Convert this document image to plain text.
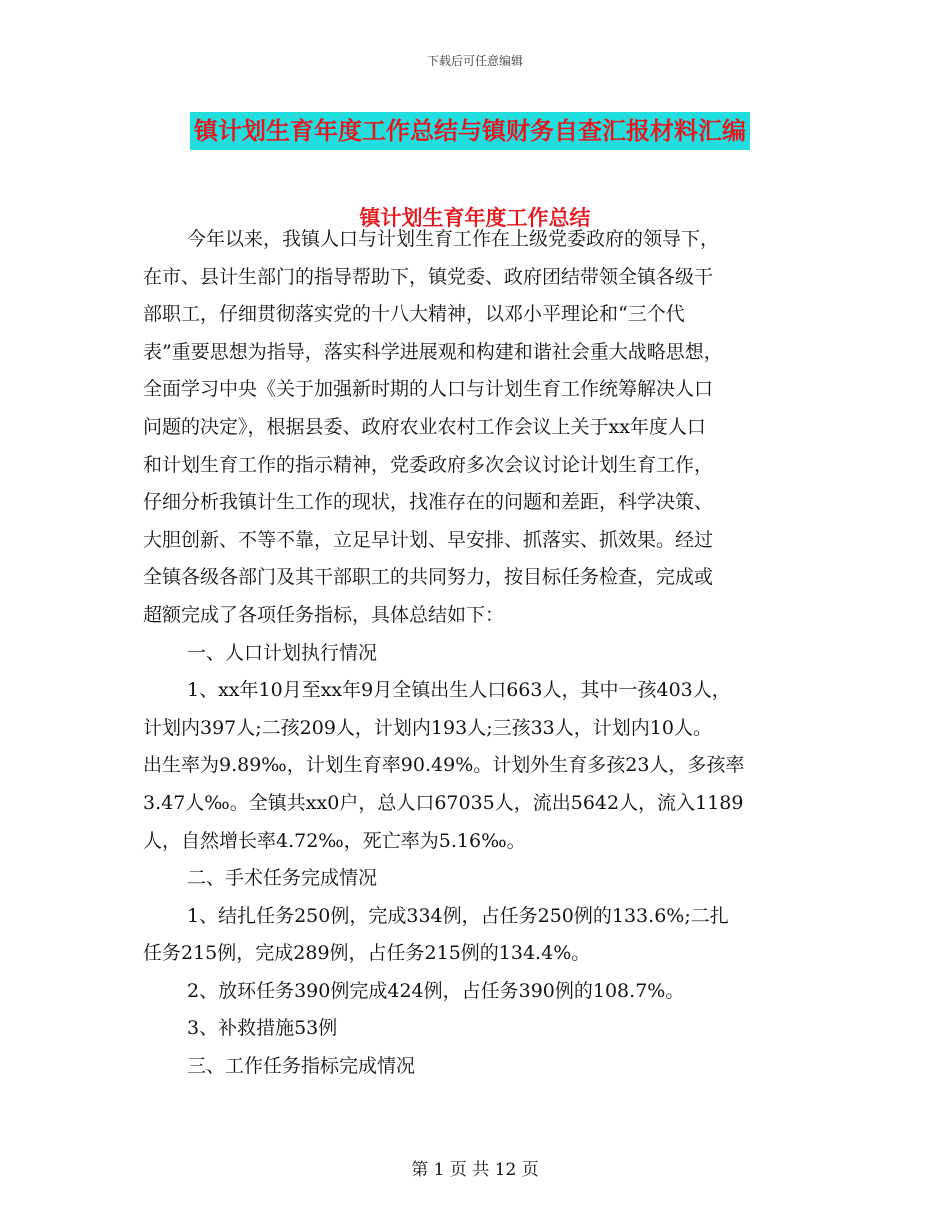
下载后可任意编辑
镇计划生育年度工作总结与镇财务自查汇报材料汇编
镇计划生育年度工作总结
今年以来，我镇人口与计划生育工作在上级党委政府的领导下，
在市、县计生部门的指导帮助下，镇党委、政府团结带领全镇各级干
部职工，仔细贯彻落实党的十八大精神，以邓小平理论和“三个代
表”重要思想为指导，落实科学进展观和构建和谐社会重大战略思想，
全面学习中央《关于加强新时期的人口与计划生育工作统筹解决人口
问题的决定》，根据县委、政府农业农村工作会议上关于xx年度人口
和计划生育工作的指示精神，党委政府多次会议讨论计划生育工作，
仔细分析我镇计生工作的现状，找准存在的问题和差距，科学决策、
大胆创新、不等不靠，立足早计划、早安排、抓落实、抓效果。经过
全镇各级各部门及其干部职工的共同努力，按目标任务检查，完成或
超额完成了各项任务指标，具体总结如下：
一、人口计划执行情况
1、xx年10月至xx年9月全镇出生人口663人，其中一孩403人，
计划内397人;二孩209人，计划内193人;三孩33人，计划内10人。
出生率为9.89‰，计划生育率90.49%。计划外生育多孩23人，多孩率
3.47人‰。全镇共xx0户，总人口67035人，流出5642人，流入1189
人，自然增长率4.72‰，死亡率为5.16‰。
二、手术任务完成情况
1、结扎任务250例，完成334例，占任务250例的133.6%;二扎
任务215例，完成289例，占任务215例的134.4%。
2、放环任务390例完成424例，占任务390例的108.7%。
3、补救措施53例
三、工作任务指标完成情况
第 1 页 共 12 页
